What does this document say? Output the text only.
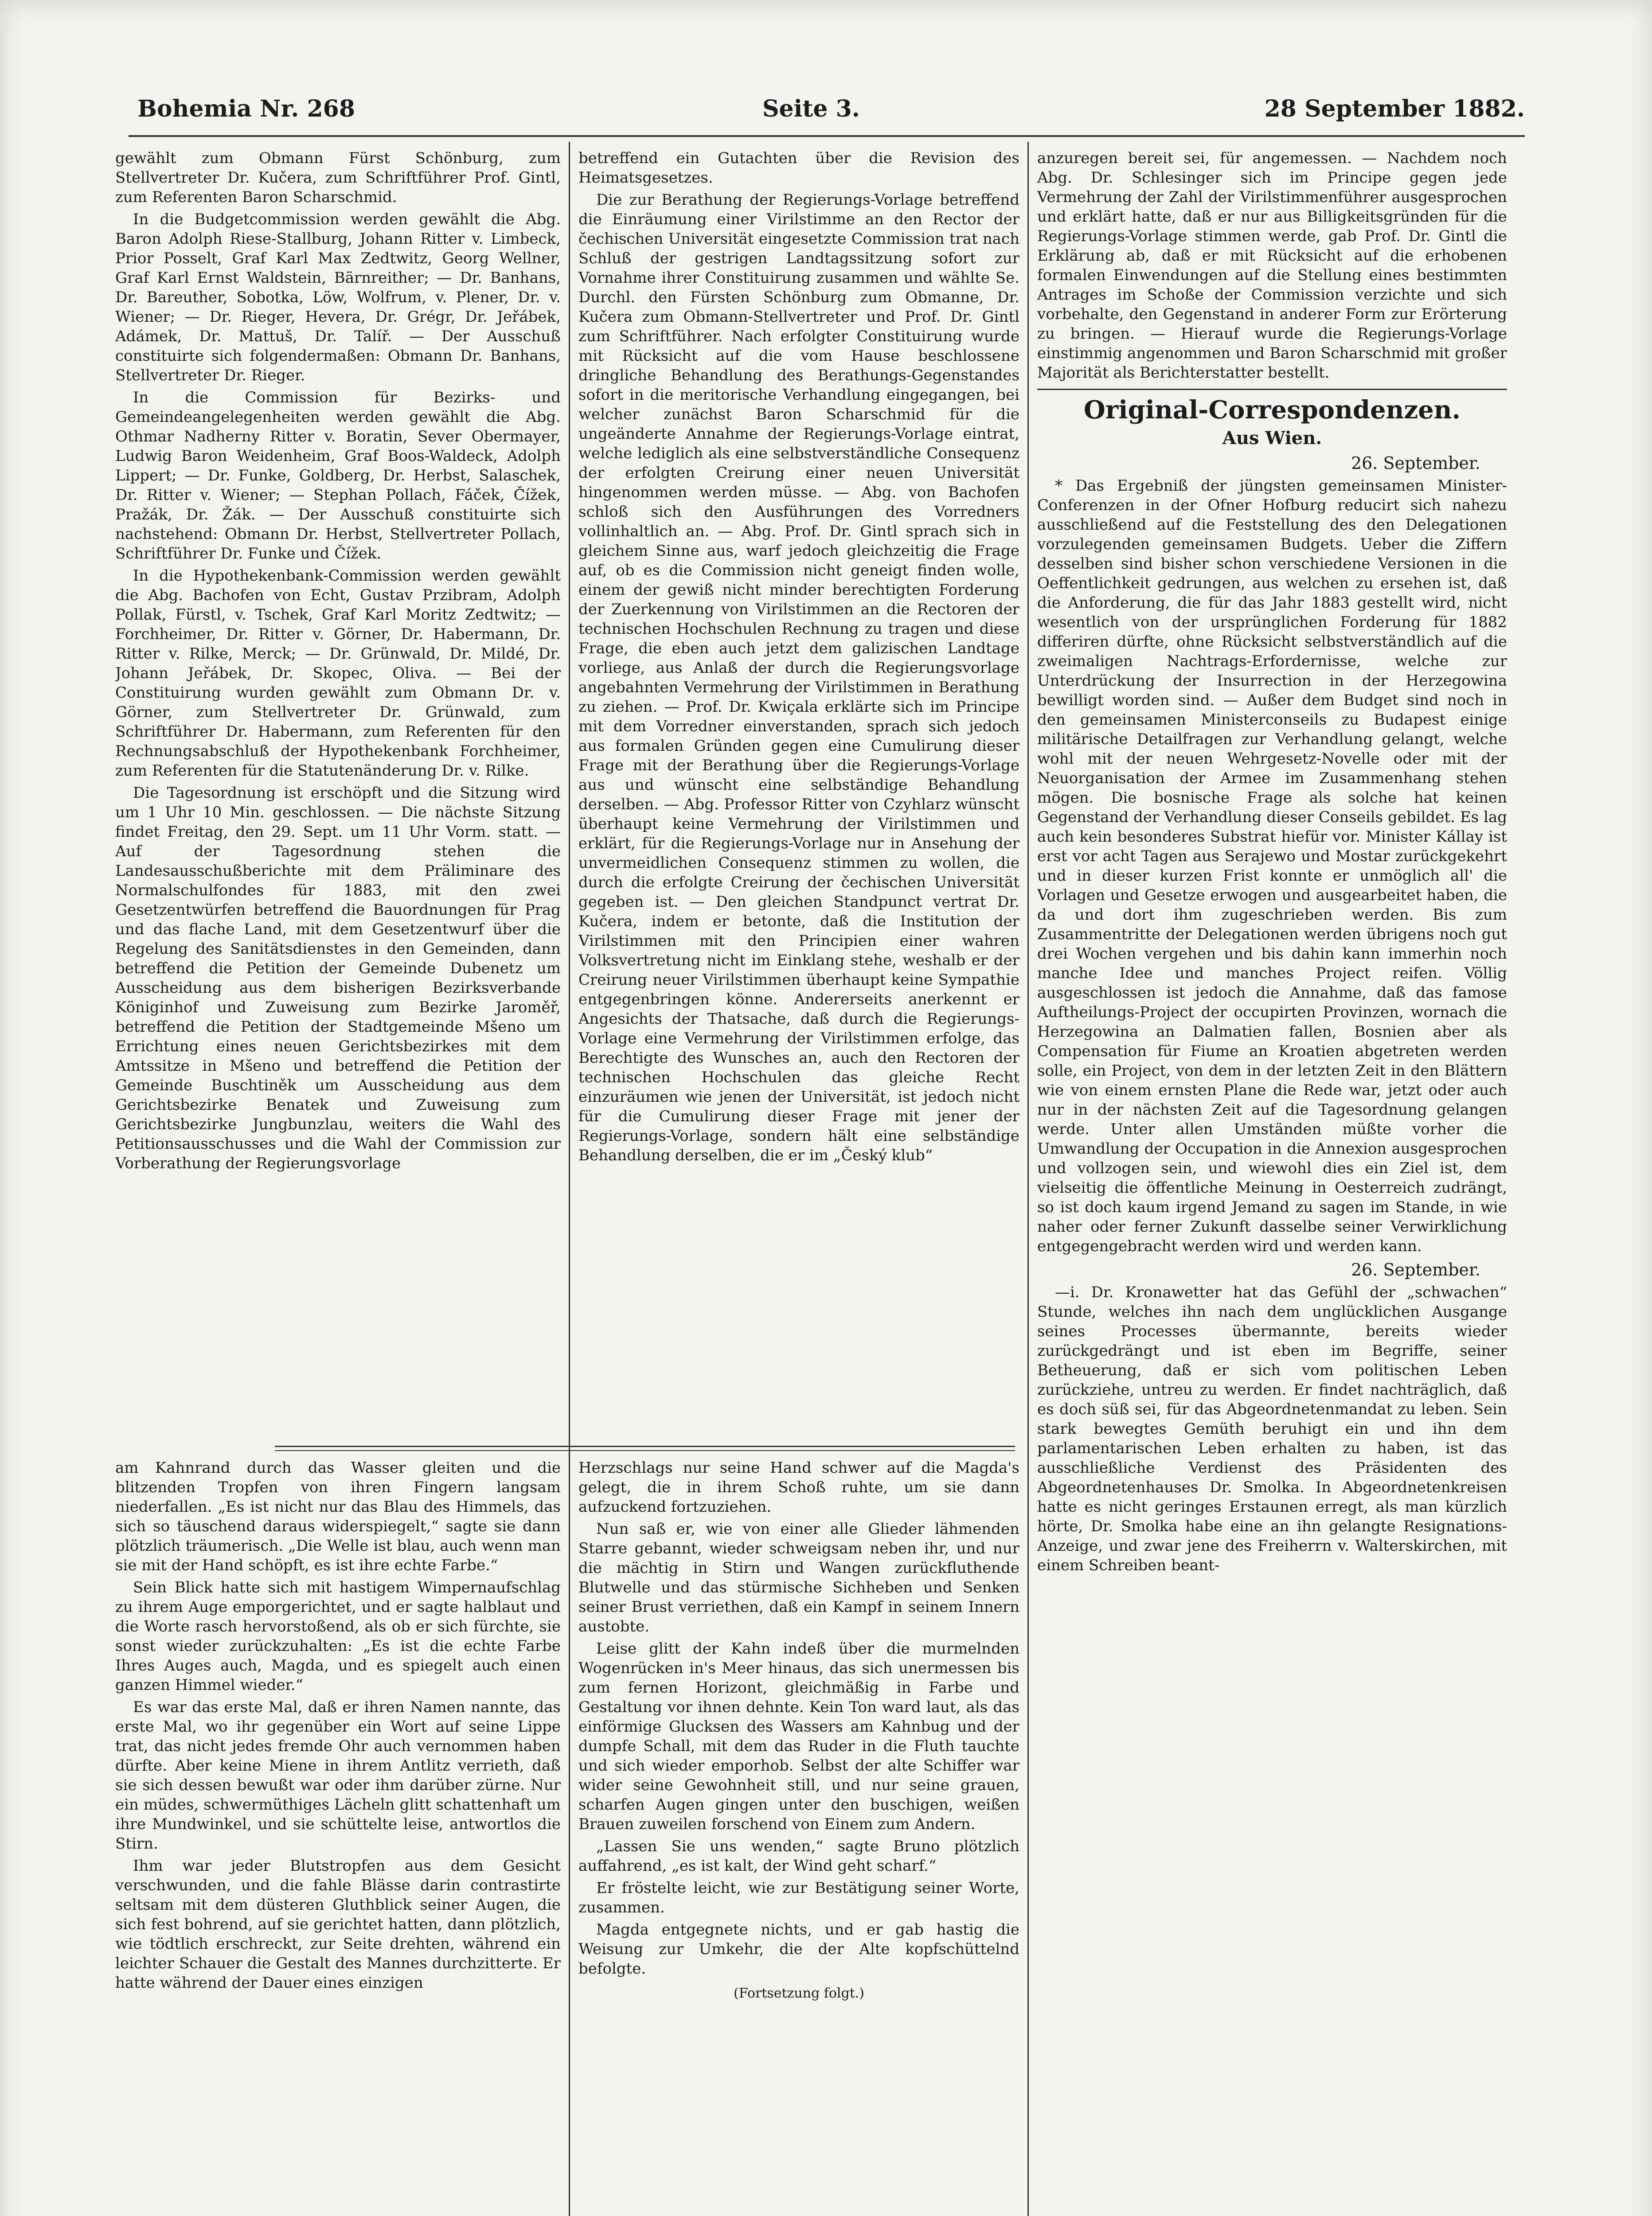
Bohemia Nr. 268	Seite 3.	28 September 1882.

gewählt zum Obmann Fürst Schönburg, zum Stellvertreter Dr. Kučera, zum Schriftführer Prof. Gintl, zum Referenten Baron Scharschmid.

In die Budgetcommission werden gewählt die Abg. Baron Adolph Riese-Stallburg, Johann Ritter v. Limbeck, Prior Posselt, Graf Karl Max Zedtwitz, Georg Wellner, Graf Karl Ernst Waldstein, Bärnreither; — Dr. Banhans, Dr. Bareuther, Sobotka, Löw, Wolfrum, v. Plener, Dr. v. Wiener; — Dr. Rieger, Hevera, Dr. Grégr, Dr. Jeřábek, Adámek, Dr. Mattuš, Dr. Talíř. — Der Ausschuß constituirte sich folgendermaßen: Obmann Dr. Banhans, Stellvertreter Dr. Rieger.

In die Commission für Bezirks- und Gemeindeangelegenheiten werden gewählt die Abg. Othmar Nadherny Ritter v. Boratin, Sever Obermayer, Ludwig Baron Weidenheim, Graf Boos-Waldeck, Adolph Lippert; — Dr. Funke, Goldberg, Dr. Herbst, Salaschek, Dr. Ritter v. Wiener; — Stephan Pollach, Fáček, Čížek, Pražák, Dr. Žák. — Der Ausschuß constituirte sich nachstehend: Obmann Dr. Herbst, Stellvertreter Pollach, Schriftführer Dr. Funke und Čížek.

In die Hypothekenbank-Commission werden gewählt die Abg. Bachofen von Echt, Gustav Przibram, Adolph Pollak, Fürstl, v. Tschek, Graf Karl Moritz Zedtwitz; — Forchheimer, Dr. Ritter v. Görner, Dr. Habermann, Dr. Ritter v. Rilke, Merck; — Dr. Grünwald, Dr. Mildé, Dr. Johann Jeřábek, Dr. Skopec, Oliva. — Bei der Constituirung wurden gewählt zum Obmann Dr. v. Görner, zum Stellvertreter Dr. Grünwald, zum Schriftführer Dr. Habermann, zum Referenten für den Rechnungsabschluß der Hypothekenbank Forchheimer, zum Referenten für die Statutenänderung Dr. v. Rilke.

Die Tagesordnung ist erschöpft und die Sitzung wird um 1 Uhr 10 Min. geschlossen. — Die nächste Sitzung findet Freitag, den 29. Sept. um 11 Uhr Vorm. statt. — Auf der Tagesordnung stehen die Landesausschußberichte mit dem Präliminare des Normalschulfondes für 1883, mit den zwei Gesetzentwürfen betreffend die Bauordnungen für Prag und das flache Land, mit dem Gesetzentwurf über die Regelung des Sanitätsdienstes in den Gemeinden, dann betreffend die Petition der Gemeinde Dubenetz um Ausscheidung aus dem bisherigen Bezirksverbande Königinhof und Zuweisung zum Bezirke Jaroměř, betreffend die Petition der Stadtgemeinde Mšeno um Errichtung eines neuen Gerichtsbezirkes mit dem Amtssitze in Mšeno und betreffend die Petition der Gemeinde Buschtiněk um Ausscheidung aus dem Gerichtsbezirke Benatek und Zuweisung zum Gerichtsbezirke Jungbunzlau, weiters die Wahl des Petitionsausschusses und die Wahl der Commission zur Vorberathung der Regierungsvorlage

betreffend ein Gutachten über die Revision des Heimatsgesetzes.

Die zur Berathung der Regierungs-Vorlage betreffend die Einräumung einer Virilstimme an den Rector der čechischen Universität eingesetzte Commission trat nach Schluß der gestrigen Landtagssitzung sofort zur Vornahme ihrer Constituirung zusammen und wählte Se. Durchl. den Fürsten Schönburg zum Obmanne, Dr. Kučera zum Obmann-Stellvertreter und Prof. Dr. Gintl zum Schriftführer. Nach erfolgter Constituirung wurde mit Rücksicht auf die vom Hause beschlossene dringliche Behandlung des Berathungs-Gegenstandes sofort in die meritorische Verhandlung eingegangen, bei welcher zunächst Baron Scharschmid für die ungeänderte Annahme der Regierungs-Vorlage eintrat, welche lediglich als eine selbstverständliche Consequenz der erfolgten Creirung einer neuen Universität hingenommen werden müsse. — Abg. von Bachofen schloß sich den Ausführungen des Vorredners vollinhaltlich an. — Abg. Prof. Dr. Gintl sprach sich in gleichem Sinne aus, warf jedoch gleichzeitig die Frage auf, ob es die Commission nicht geneigt finden wolle, einem der gewiß nicht minder berechtigten Forderung der Zuerkennung von Virilstimmen an die Rectoren der technischen Hochschulen Rechnung zu tragen und diese Frage, die eben auch jetzt dem galizischen Landtage vorliege, aus Anlaß der durch die Regierungsvorlage angebahnten Vermehrung der Virilstimmen in Berathung zu ziehen. — Prof. Dr. Kwiçala erklärte sich im Principe mit dem Vorredner einverstanden, sprach sich jedoch aus formalen Gründen gegen eine Cumulirung dieser Frage mit der Berathung über die Regierungs-Vorlage aus und wünscht eine selbständige Behandlung derselben. — Abg. Professor Ritter von Czyhlarz wünscht überhaupt keine Vermehrung der Virilstimmen und erklärt, für die Regierungs-Vorlage nur in Ansehung der unvermeidlichen Consequenz stimmen zu wollen, die durch die erfolgte Creirung der čechischen Universität gegeben ist. — Den gleichen Standpunct vertrat Dr. Kučera, indem er betonte, daß die Institution der Virilstimmen mit den Principien einer wahren Volksvertretung nicht im Einklang stehe, weshalb er der Creirung neuer Virilstimmen überhaupt keine Sympathie entgegenbringen könne. Andererseits anerkennt er Angesichts der Thatsache, daß durch die Regierungs-Vorlage eine Vermehrung der Virilstimmen erfolge, das Berechtigte des Wunsches an, auch den Rectoren der technischen Hochschulen das gleiche Recht einzuräumen wie jenen der Universität, ist jedoch nicht für die Cumulirung dieser Frage mit jener der Regierungs-Vorlage, sondern hält eine selbständige Behandlung derselben, die er im „Český klub“

anzuregen bereit sei, für angemessen. — Nachdem noch Abg. Dr. Schlesinger sich im Principe gegen jede Vermehrung der Zahl der Virilstimmenführer ausgesprochen und erklärt hatte, daß er nur aus Billigkeitsgründen für die Regierungs-Vorlage stimmen werde, gab Prof. Dr. Gintl die Erklärung ab, daß er mit Rücksicht auf die erhobenen formalen Einwendungen auf die Stellung eines bestimmten Antrages im Schoße der Commission verzichte und sich vorbehalte, den Gegenstand in anderer Form zur Erörterung zu bringen. — Hierauf wurde die Regierungs-Vorlage einstimmig angenommen und Baron Scharschmid mit großer Majorität als Berichterstatter bestellt.

Original-Correspondenzen.
Aus Wien.
26. September.

* Das Ergebniß der jüngsten gemeinsamen Minister-Conferenzen in der Ofner Hofburg reducirt sich nahezu ausschließend auf die Feststellung des den Delegationen vorzulegenden gemeinsamen Budgets. Ueber die Ziffern desselben sind bisher schon verschiedene Versionen in die Oeffentlichkeit gedrungen, aus welchen zu ersehen ist, daß die Anforderung, die für das Jahr 1883 gestellt wird, nicht wesentlich von der ursprünglichen Forderung für 1882 differiren dürfte, ohne Rücksicht selbstverständlich auf die zweimaligen Nachtrags-Erfordernisse, welche zur Unterdrückung der Insurrection in der Herzegowina bewilligt worden sind. — Außer dem Budget sind noch in den gemeinsamen Ministerconseils zu Budapest einige militärische Detailfragen zur Verhandlung gelangt, welche wohl mit der neuen Wehrgesetz-Novelle oder mit der Neuorganisation der Armee im Zusammenhang stehen mögen. Die bosnische Frage als solche hat keinen Gegenstand der Verhandlung dieser Conseils gebildet. Es lag auch kein besonderes Substrat hiefür vor. Minister Kállay ist erst vor acht Tagen aus Serajewo und Mostar zurückgekehrt und in dieser kurzen Frist konnte er unmöglich all' die Vorlagen und Gesetze erwogen und ausgearbeitet haben, die da und dort ihm zugeschrieben werden. Bis zum Zusammentritte der Delegationen werden übrigens noch gut drei Wochen vergehen und bis dahin kann immerhin noch manche Idee und manches Project reifen. Völlig ausgeschlossen ist jedoch die Annahme, daß das famose Auftheilungs-Project der occupirten Provinzen, wornach die Herzegowina an Dalmatien fallen, Bosnien aber als Compensation für Fiume an Kroatien abgetreten werden solle, ein Project, von dem in der letzten Zeit in den Blättern wie von einem ernsten Plane die Rede war, jetzt oder auch nur in der nächsten Zeit auf die Tagesordnung gelangen werde. Unter allen Umständen müßte vorher die Umwandlung der Occupation in die Annexion ausgesprochen und vollzogen sein, und wiewohl dies ein Ziel ist, dem vielseitig die öffentliche Meinung in Oesterreich zudrängt, so ist doch kaum irgend Jemand zu sagen im Stande, in wie naher oder ferner Zukunft dasselbe seiner Verwirklichung entgegengebracht werden wird und werden kann.

26. September.

—i. Dr. Kronawetter hat das Gefühl der „schwachen“ Stunde, welches ihn nach dem unglücklichen Ausgange seines Processes übermannte, bereits wieder zurückgedrängt und ist eben im Begriffe, seiner Betheuerung, daß er sich vom politischen Leben zurückziehe, untreu zu werden. Er findet nachträglich, daß es doch süß sei, für das Abgeordnetenmandat zu leben. Sein stark bewegtes Gemüth beruhigt ein und ihn dem parlamentarischen Leben erhalten zu haben, ist das ausschließliche Verdienst des Präsidenten des Abgeordnetenhauses Dr. Smolka. In Abgeordnetenkreisen hatte es nicht geringes Erstaunen erregt, als man kürzlich hörte, Dr. Smolka habe eine an ihn gelangte Resignations-Anzeige, und zwar jene des Freiherrn v. Walterskirchen, mit einem Schreiben beant-

am Kahnrand durch das Wasser gleiten und die blitzenden Tropfen von ihren Fingern langsam niederfallen. „Es ist nicht nur das Blau des Himmels, das sich so täuschend daraus widerspiegelt,“ sagte sie dann plötzlich träumerisch. „Die Welle ist blau, auch wenn man sie mit der Hand schöpft, es ist ihre echte Farbe.“

Sein Blick hatte sich mit hastigem Wimpernaufschlag zu ihrem Auge emporgerichtet, und er sagte halblaut und die Worte rasch hervorstoßend, als ob er sich fürchte, sie sonst wieder zurückzuhalten: „Es ist die echte Farbe Ihres Auges auch, Magda, und es spiegelt auch einen ganzen Himmel wieder.“

Es war das erste Mal, daß er ihren Namen nannte, das erste Mal, wo ihr gegenüber ein Wort auf seine Lippe trat, das nicht jedes fremde Ohr auch vernommen haben dürfte. Aber keine Miene in ihrem Antlitz verrieth, daß sie sich dessen bewußt war oder ihm darüber zürne. Nur ein müdes, schwermüthiges Lächeln glitt schattenhaft um ihre Mundwinkel, und sie schüttelte leise, antwortlos die Stirn.

Ihm war jeder Blutstropfen aus dem Gesicht verschwunden, und die fahle Blässe darin contrastirte seltsam mit dem düsteren Gluthblick seiner Augen, die sich fest bohrend, auf sie gerichtet hatten, dann plötzlich, wie tödtlich erschreckt, zur Seite drehten, während ein leichter Schauer die Gestalt des Mannes durchzitterte. Er hatte während der Dauer eines einzigen

Herzschlags nur seine Hand schwer auf die Magda's gelegt, die in ihrem Schoß ruhte, um sie dann aufzuckend fortzuziehen.

Nun saß er, wie von einer alle Glieder lähmenden Starre gebannt, wieder schweigsam neben ihr, und nur die mächtig in Stirn und Wangen zurückfluthende Blutwelle und das stürmische Sichheben und Senken seiner Brust verriethen, daß ein Kampf in seinem Innern austobte.

Leise glitt der Kahn indeß über die murmelnden Wogenrücken in's Meer hinaus, das sich unermessen bis zum fernen Horizont, gleichmäßig in Farbe und Gestaltung vor ihnen dehnte. Kein Ton ward laut, als das einförmige Glucksen des Wassers am Kahnbug und der dumpfe Schall, mit dem das Ruder in die Fluth tauchte und sich wieder emporhob. Selbst der alte Schiffer war wider seine Gewohnheit still, und nur seine grauen, scharfen Augen gingen unter den buschigen, weißen Brauen zuweilen forschend von Einem zum Andern.

„Lassen Sie uns wenden,“ sagte Bruno plötzlich auffahrend, „es ist kalt, der Wind geht scharf.“

Er fröstelte leicht, wie zur Bestätigung seiner Worte, zusammen.

Magda entgegnete nichts, und er gab hastig die Weisung zur Umkehr, die der Alte kopfschüttelnd befolgte.

(Fortsetzung folgt.)
